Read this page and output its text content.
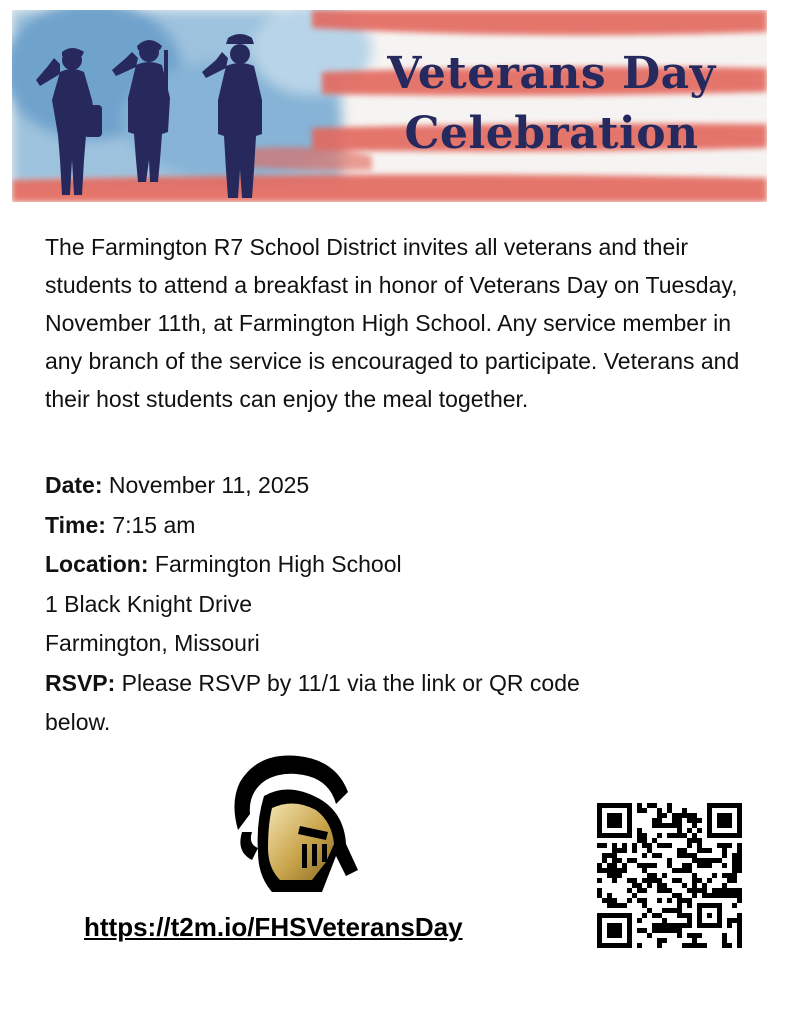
Veterans Day
Celebration

The Farmington R7 School District invites all veterans and their students to attend a breakfast in honor of Veterans Day on Tuesday, November 11th, at Farmington High School. Any service member in any branch of the service is encouraged to participate. Veterans and their host students can enjoy the meal together.

Date: November 11, 2025
Time: 7:15 am
Location: Farmington High School
1 Black Knight Drive
Farmington, Missouri
RSVP: Please RSVP by 11/1 via the link or QR code
below.
https://t2m.io/FHSVeteransDay
